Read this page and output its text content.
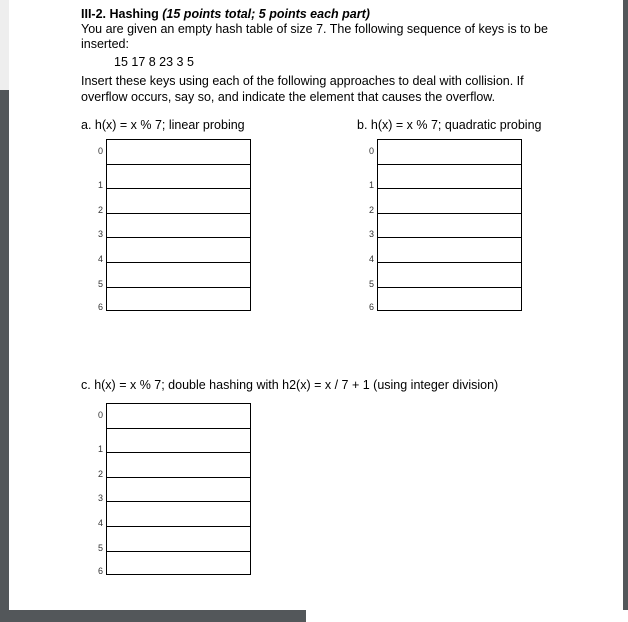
III-2. Hashing (15 points total; 5 points each part)
You are given an empty hash table of size 7. The following sequence of keys is to be
inserted:
15 17 8 23 3 5
Insert these keys using each of the following approaches to deal with collision. If
overflow occurs, say so, and indicate the element that causes the overflow.
a. h(x) = x % 7; linear probing	b. h(x) = x % 7; quadratic probing
c. h(x) = x % 7; double hashing with h2(x) = x / 7 + 1 (using integer division)
0
1
2
3
4
5
6
0
1
2
3
4
5
6
0
1
2
3
4
5
6
